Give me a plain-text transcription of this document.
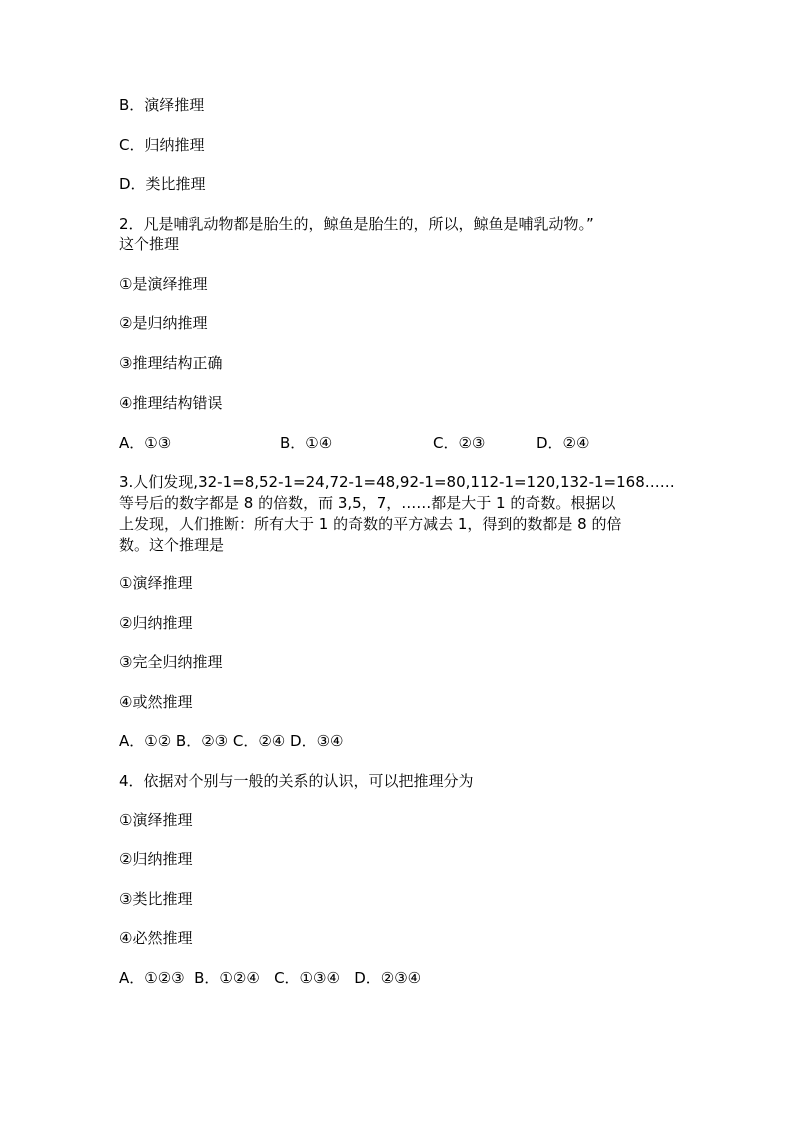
B．演绎推理

C．归纳推理

D．类比推理

2．凡是哺乳动物都是胎生的，鲸鱼是胎生的，所以，鲸鱼是哺乳动物。”

这个推理

①是演绎推理

②是归纳推理

③推理结构正确

④推理结构错误

A．①③	B．①④	C．②③	D．②④

3.人们发现,32-1=8,52-1=24,72-1=48,92-1=80,112-1=120,132-1=168……

等号后的数字都是 8 的倍数，而 3,5，7，……都是大于 1 的奇数。根据以

上发现，人们推断：所有大于 1 的奇数的平方减去 1，得到的数都是 8 的倍

数。这个推理是

①演绎推理

②归纳推理

③完全归纳推理

④或然推理

A．①② B．②③ C．②④ D．③④

4．依据对个别与一般的关系的认识，可以把推理分为

①演绎推理

②归纳推理

③类比推理

④必然推理

A．①②③  B．①②④   C．①③④   D．②③④
